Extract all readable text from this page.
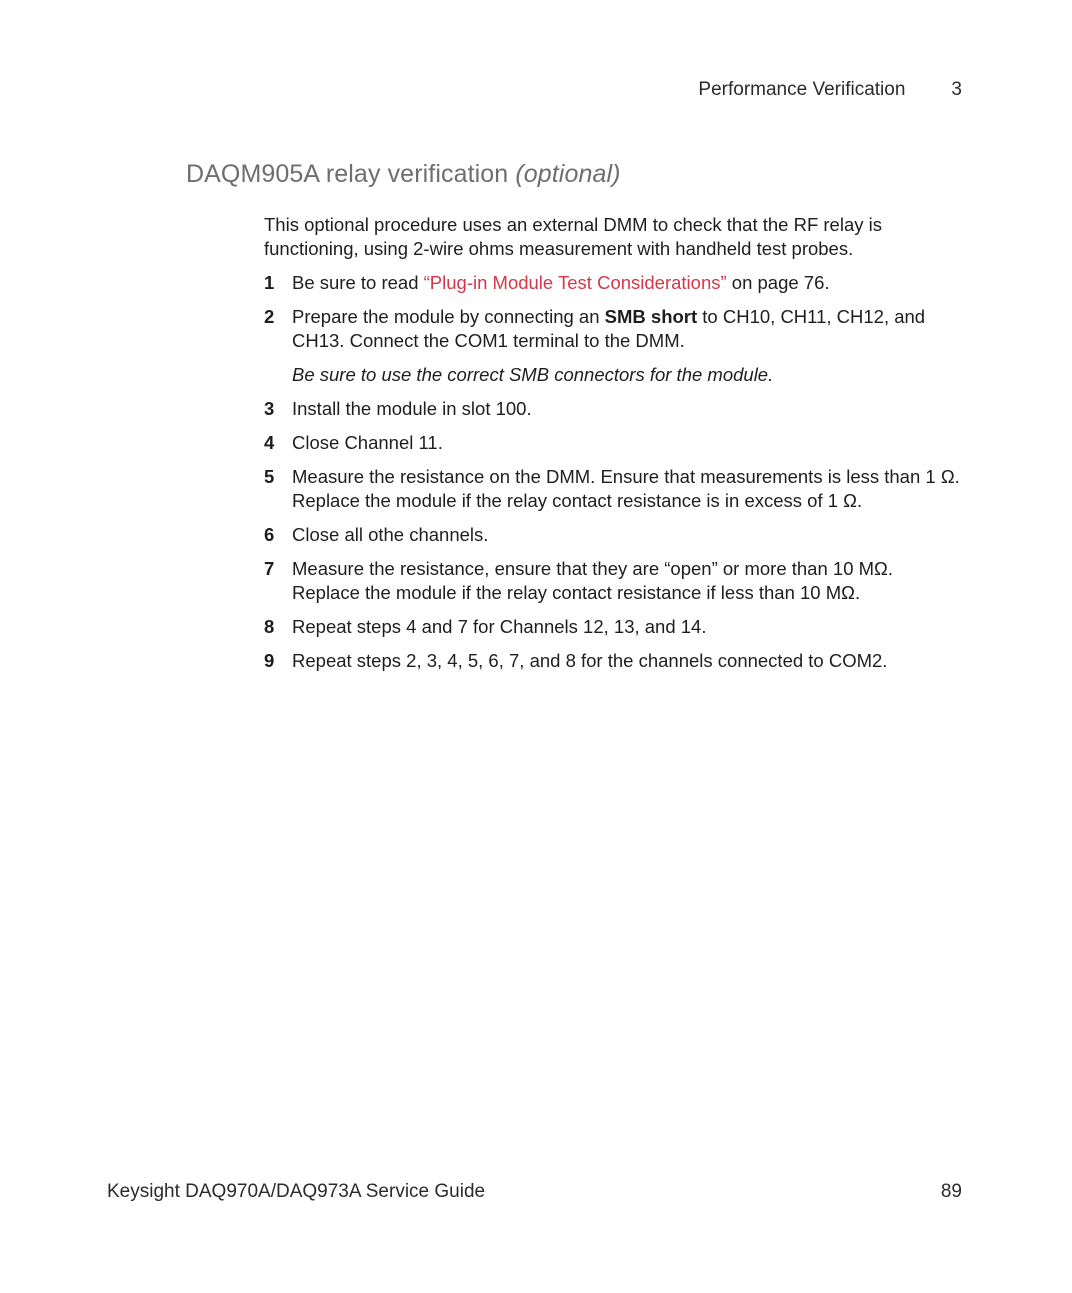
Performance Verification 3
DAQM905A relay verification (optional)

This optional procedure uses an external DMM to check that the RF relay is functioning, using 2-wire ohms measurement with handheld test probes.

1 Be sure to read “Plug-in Module Test Considerations” on page 76.
2 Prepare the module by connecting an SMB short to CH10, CH11, CH12, and CH13. Connect the COM1 terminal to the DMM.
Be sure to use the correct SMB connectors for the module.
3 Install the module in slot 100.
4 Close Channel 11.
5 Measure the resistance on the DMM. Ensure that measurements is less than 1 Ω. Replace the module if the relay contact resistance is in excess of 1 Ω.
6 Close all othe channels.
7 Measure the resistance, ensure that they are “open” or more than 10 MΩ. Replace the module if the relay contact resistance if less than 10 MΩ.
8 Repeat steps 4 and 7 for Channels 12, 13, and 14.
9 Repeat steps 2, 3, 4, 5, 6, 7, and 8 for the channels connected to COM2.
Keysight DAQ970A/DAQ973A Service Guide	89
